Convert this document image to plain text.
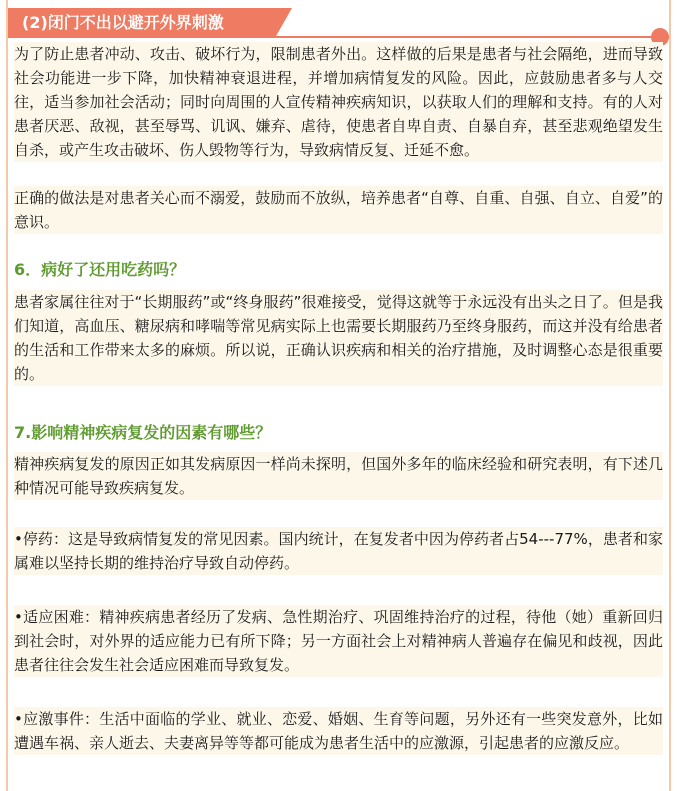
(2)闭门不出以避开外界刺激
为了防止患者冲动、攻击、破坏行为，限制患者外出。这样做的后果是患者与社会隔绝，进而导致社会功能进一步下降，加快精神衰退进程，并增加病情复发的风险。因此，应鼓励患者多与人交往，适当参加社会活动；同时向周围的人宣传精神疾病知识，以获取人们的理解和支持。有的人对患者厌恶、敌视，甚至辱骂、讥讽、嫌弃、虐待，使患者自卑自责、自暴自弃，甚至悲观绝望发生自杀，或产生攻击破坏、伤人毁物等行为，导致病情反复、迁延不愈。
正确的做法是对患者关心而不溺爱，鼓励而不放纵，培养患者“自尊、自重、自强、自立、自爱”的意识。
6．病好了还用吃药吗？
患者家属往往对于“长期服药”或“终身服药”很难接受，觉得这就等于永远没有出头之日了。但是我们知道，高血压、糖尿病和哮喘等常见病实际上也需要长期服药乃至终身服药，而这并没有给患者的生活和工作带来太多的麻烦。所以说，正确认识疾病和相关的治疗措施，及时调整心态是很重要的。
7.影响精神疾病复发的因素有哪些？
精神疾病复发的原因正如其发病原因一样尚未探明，但国外多年的临床经验和研究表明，有下述几种情况可能导致疾病复发。
•停药：这是导致病情复发的常见因素。国内统计，在复发者中因为停药者占54---77%，患者和家属难以坚持长期的维持治疗导致自动停药。
•适应困难：精神疾病患者经历了发病、急性期治疗、巩固维持治疗的过程，待他（她）重新回归到社会时，对外界的适应能力已有所下降；另一方面社会上对精神病人普遍存在偏见和歧视，因此患者往往会发生社会适应困难而导致复发。
•应激事件：生活中面临的学业、就业、恋爱、婚姻、生育等问题，另外还有一些突发意外，比如遭遇车祸、亲人逝去、夫妻离异等等都可能成为患者生活中的应激源，引起患者的应激反应。
